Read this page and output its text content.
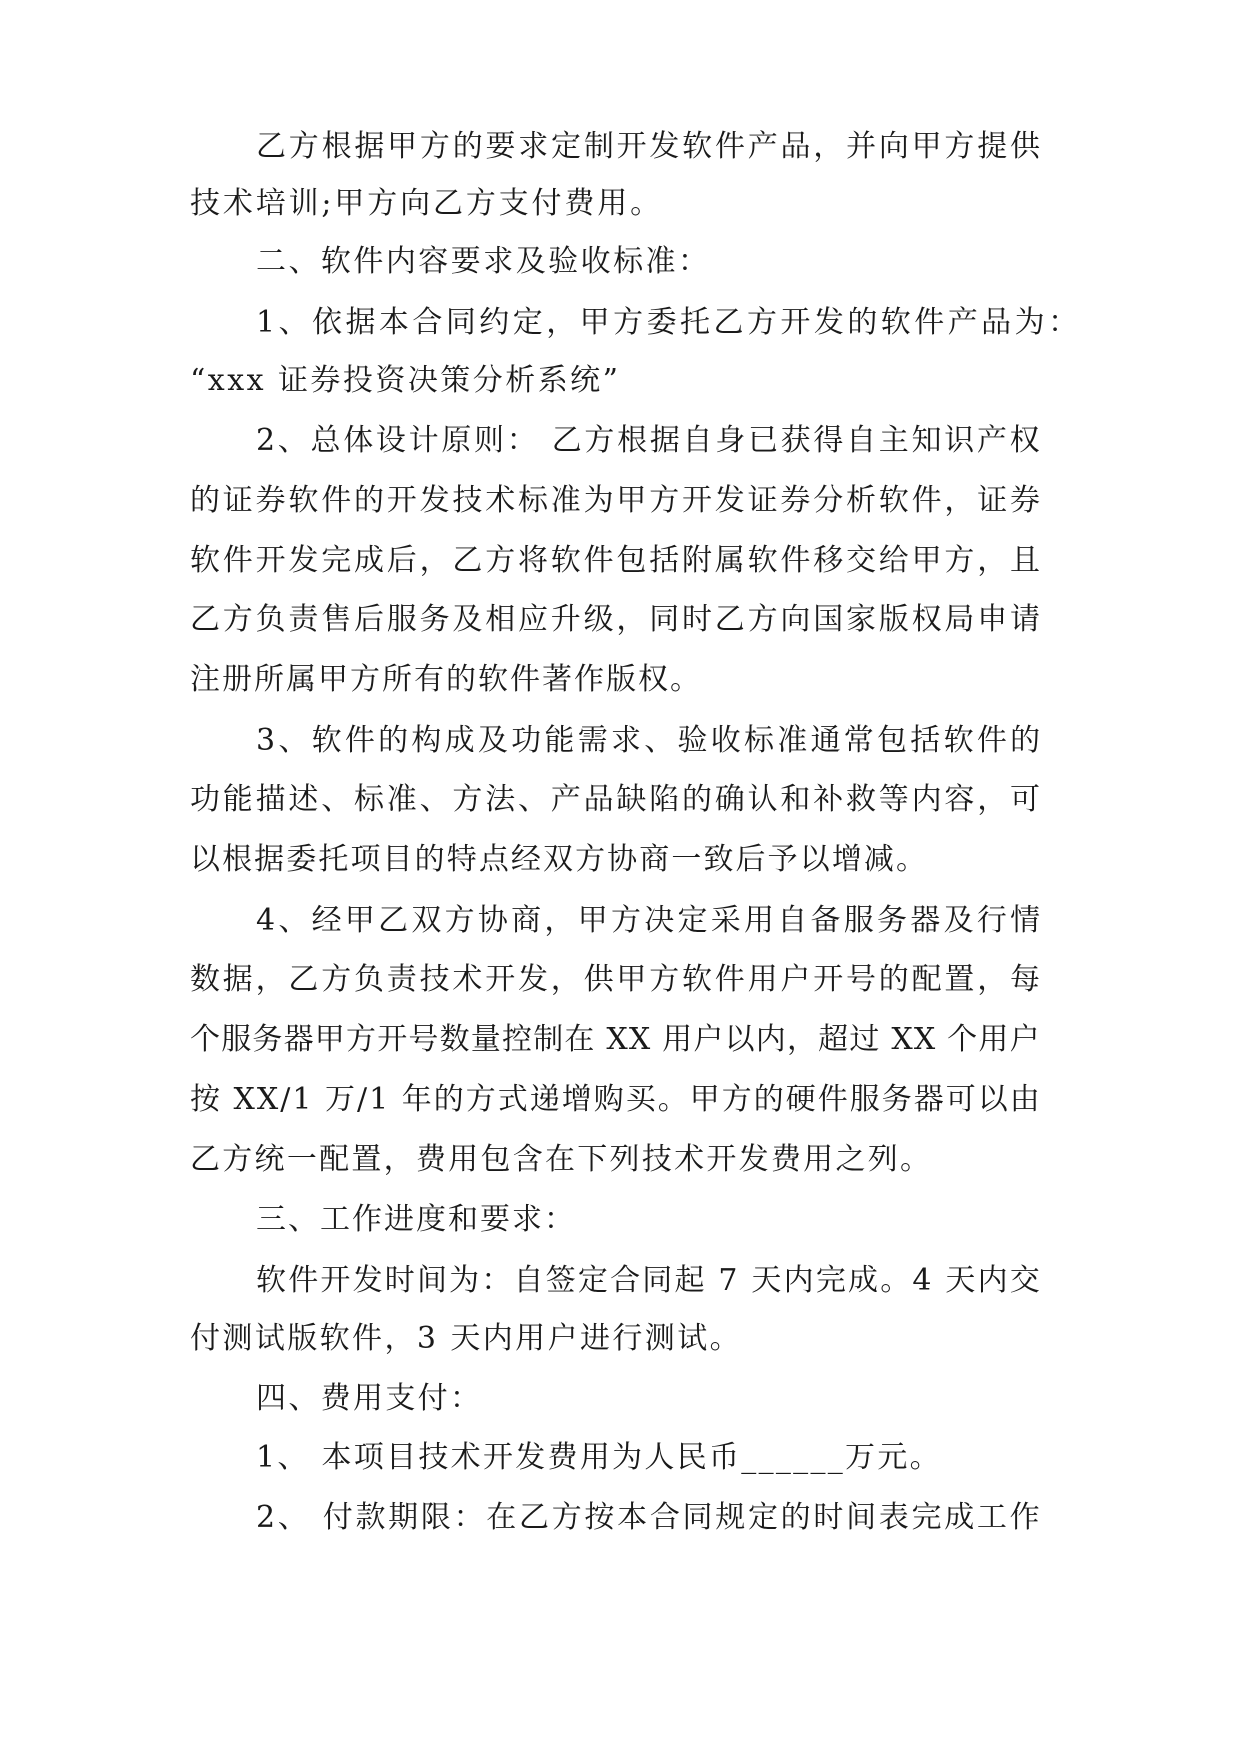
乙方根据甲方的要求定制开发软件产品，并向甲方提供
技术培训;甲方向乙方支付费用。
二、软件内容要求及验收标准：
1、依据本合同约定，甲方委托乙方开发的软件产品为：
“xxx 证券投资决策分析系统”
2、总体设计原则： 乙方根据自身已获得自主知识产权
的证券软件的开发技术标准为甲方开发证券分析软件，证券
软件开发完成后，乙方将软件包括附属软件移交给甲方，且
乙方负责售后服务及相应升级，同时乙方向国家版权局申请
注册所属甲方所有的软件著作版权。
3、软件的构成及功能需求、验收标准通常包括软件的
功能描述、标准、方法、产品缺陷的确认和补救等内容，可
以根据委托项目的特点经双方协商一致后予以增减。
4、经甲乙双方协商，甲方决定采用自备服务器及行情
数据，乙方负责技术开发，供甲方软件用户开号的配置，每
个服务器甲方开号数量控制在 XX 用户以内，超过 XX 个用户
按 XX/1 万/1 年的方式递增购买。甲方的硬件服务器可以由
乙方统一配置，费用包含在下列技术开发费用之列。
三、工作进度和要求：
软件开发时间为：自签定合同起 7 天内完成。4 天内交
付测试版软件，3 天内用户进行测试。
四、费用支付：
1、 本项目技术开发费用为人民币______万元。
2、 付款期限：在乙方按本合同规定的时间表完成工作
